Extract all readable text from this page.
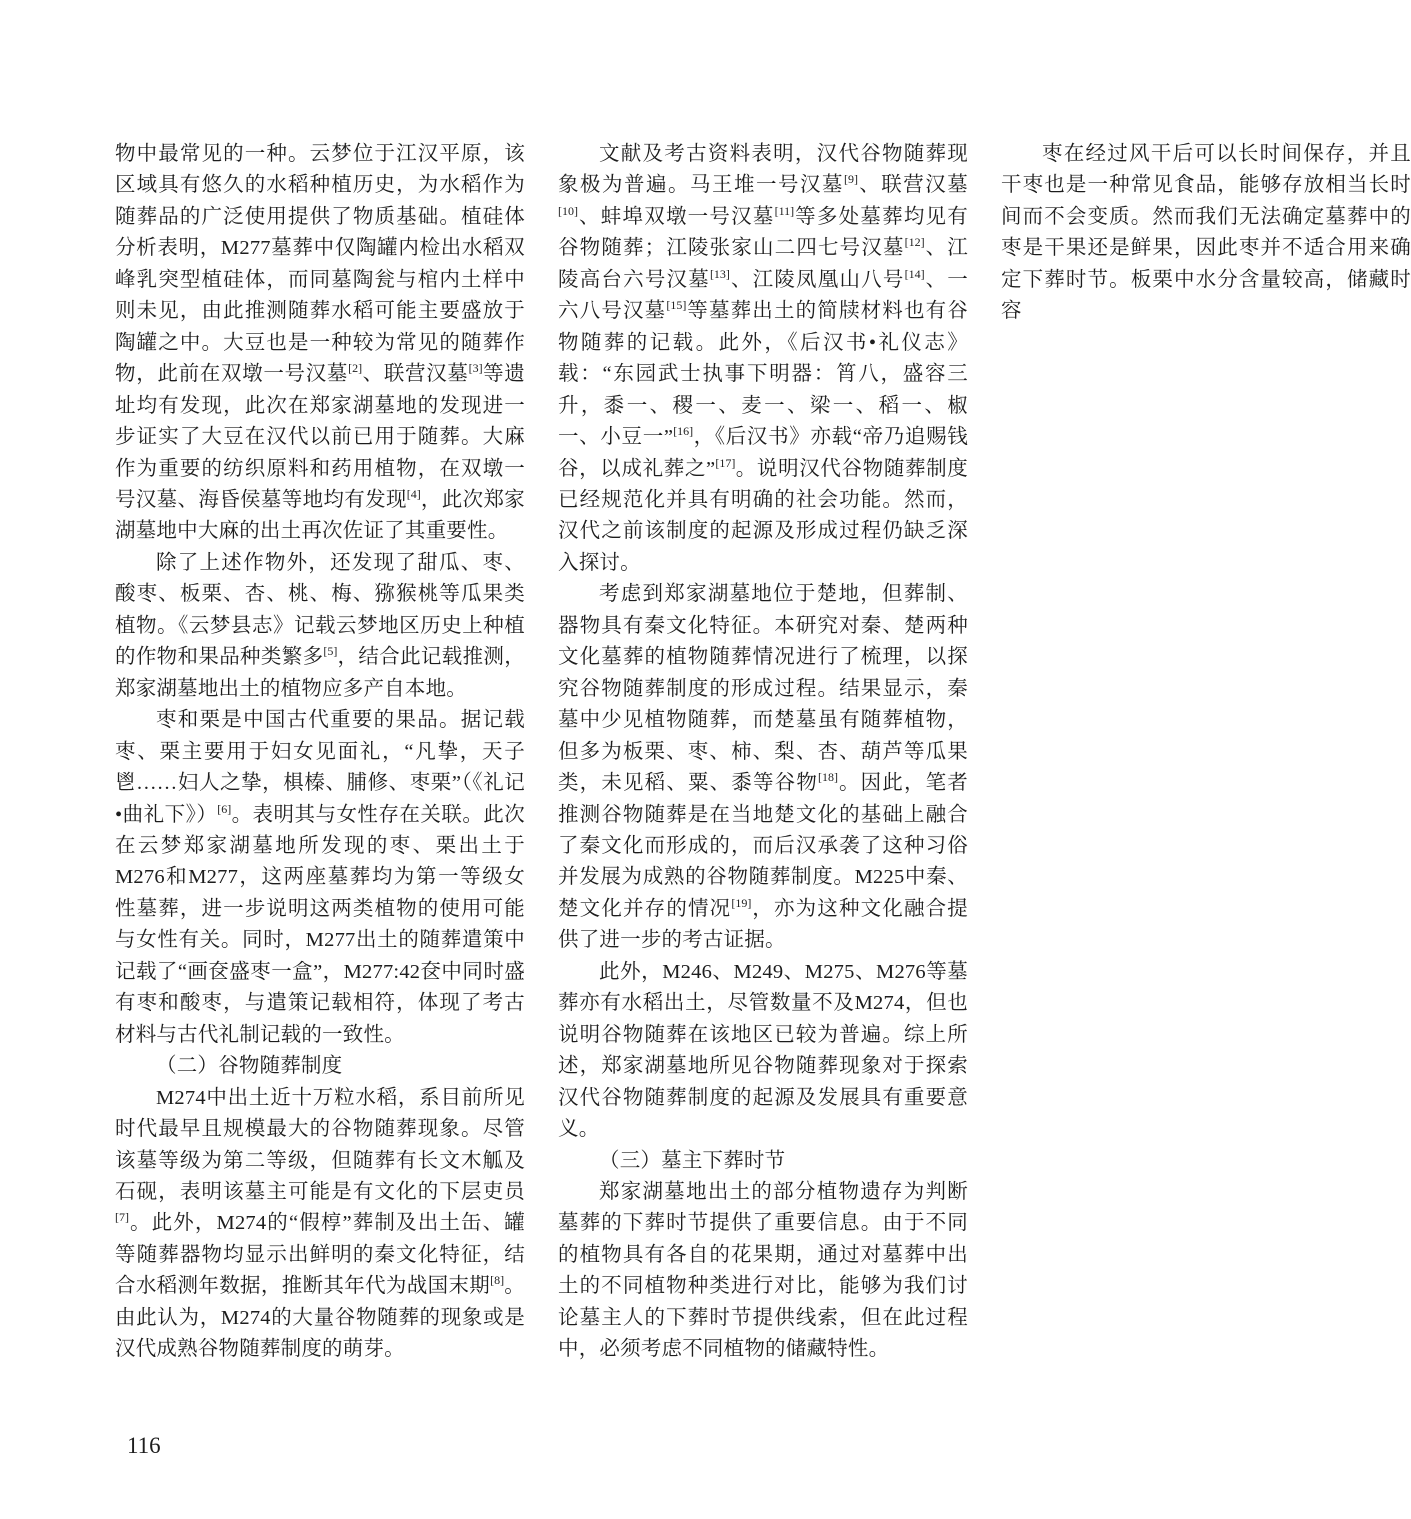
物中最常见的一种。云梦位于江汉平原，该区域具有悠久的水稻种植历史，为水稻作为随葬品的广泛使用提供了物质基础。植硅体分析表明，M277墓葬中仅陶罐内检出水稻双峰乳突型植硅体，而同墓陶瓮与棺内土样中则未见，由此推测随葬水稻可能主要盛放于陶罐之中。大豆也是一种较为常见的随葬作物，此前在双墩一号汉墓[2]、联营汉墓[3]等遗址均有发现，此次在郑家湖墓地的发现进一步证实了大豆在汉代以前已用于随葬。大麻作为重要的纺织原料和药用植物，在双墩一号汉墓、海昏侯墓等地均有发现[4]，此次郑家湖墓地中大麻的出土再次佐证了其重要性。

除了上述作物外，还发现了甜瓜、枣、酸枣、板栗、杏、桃、梅、猕猴桃等瓜果类植物。《云梦县志》记载云梦地区历史上种植的作物和果品种类繁多[5]，结合此记载推测，郑家湖墓地出土的植物应多产自本地。

枣和栗是中国古代重要的果品。据记载枣、栗主要用于妇女见面礼，“凡挚，天子鬯……妇人之挚，椇榛、脯修、枣栗”（《礼记•曲礼下》）[6]。表明其与女性存在关联。此次在云梦郑家湖墓地所发现的枣、栗出土于M276和M277，这两座墓葬均为第一等级女性墓葬，进一步说明这两类植物的使用可能与女性有关。同时，M277出土的随葬遣策中记载了“画奁盛枣一盒”，M277:42奁中同时盛有枣和酸枣，与遣策记载相符，体现了考古材料与古代礼制记载的一致性。

（二）谷物随葬制度

M274中出土近十万粒水稻，系目前所见时代最早且规模最大的谷物随葬现象。尽管该墓等级为第二等级，但随葬有长文木觚及石砚，表明该墓主可能是有文化的下层吏员[7]。此外，M274的“假椁”葬制及出土缶、罐等随葬器物均显示出鲜明的秦文化特征，结合水稻测年数据，推断其年代为战国末期[8]。由此认为，M274的大量谷物随葬的现象或是汉代成熟谷物随葬制度的萌芽。

文献及考古资料表明，汉代谷物随葬现象极为普遍。马王堆一号汉墓[9]、联营汉墓[10]、蚌埠双墩一号汉墓[11]等多处墓葬均见有谷物随葬；江陵张家山二四七号汉墓[12]、江陵高台六号汉墓[13]、江陵凤凰山八号[14]、一六八号汉墓[15]等墓葬出土的简牍材料也有谷物随葬的记载。此外，《后汉书•礼仪志》载：“东园武士执事下明器：筲八，盛容三升，黍一、稷一、麦一、梁一、稻一、椒一、小豆一”[16]，《后汉书》亦载“帝乃追赐钱谷，以成礼葬之”[17]。说明汉代谷物随葬制度已经规范化并具有明确的社会功能。然而，汉代之前该制度的起源及形成过程仍缺乏深入探讨。

考虑到郑家湖墓地位于楚地，但葬制、器物具有秦文化特征。本研究对秦、楚两种文化墓葬的植物随葬情况进行了梳理，以探究谷物随葬制度的形成过程。结果显示，秦墓中少见植物随葬，而楚墓虽有随葬植物，但多为板栗、枣、柿、梨、杏、葫芦等瓜果类，未见稻、粟、黍等谷物[18]。因此，笔者推测谷物随葬是在当地楚文化的基础上融合了秦文化而形成的，而后汉承袭了这种习俗并发展为成熟的谷物随葬制度。M225中秦、楚文化并存的情况[19]，亦为这种文化融合提供了进一步的考古证据。

此外，M246、M249、M275、M276等墓葬亦有水稻出土，尽管数量不及M274，但也说明谷物随葬在该地区已较为普遍。综上所述，郑家湖墓地所见谷物随葬现象对于探索汉代谷物随葬制度的起源及发展具有重要意义。

（三）墓主下葬时节

郑家湖墓地出土的部分植物遗存为判断墓葬的下葬时节提供了重要信息。由于不同的植物具有各自的花果期，通过对墓葬中出土的不同植物种类进行对比，能够为我们讨论墓主人的下葬时节提供线索，但在此过程中，必须考虑不同植物的储藏特性。

枣在经过风干后可以长时间保存，并且干枣也是一种常见食品，能够存放相当长时间而不会变质。然而我们无法确定墓葬中的枣是干果还是鲜果，因此枣并不适合用来确定下葬时节。板栗中水分含量较高，储藏时容

116
